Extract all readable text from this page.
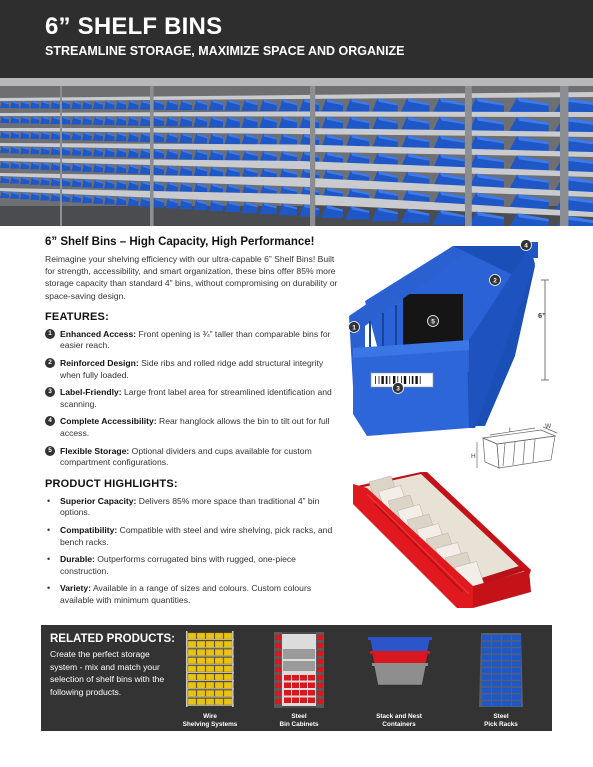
6” SHELF BINS
STREAMLINE STORAGE, MAXIMIZE SPACE AND ORGANIZE
6” Shelf Bins – High Capacity, High Performance!
Reimagine your shelving efficiency with our ultra-capable 6” Shelf Bins! Built for strength, accessibility, and smart organization, these bins offer 85% more storage capacity than standard 4” bins, without compromising on durability or space-saving design.
FEATURES:
1 Enhanced Access: Front opening is ¾” taller than comparable bins for easier reach.
2 Reinforced Design: Side ribs and rolled ridge add structural integrity when fully loaded.
3 Label-Friendly: Large front label area for streamlined identification and scanning.
4 Complete Accessibility: Rear hanglock allows the bin to tilt out for full access.
5 Flexible Storage: Optional dividers and cups available for custom compartment configurations.
PRODUCT HIGHLIGHTS:
• Superior Capacity: Delivers 85% more space than traditional 4” bin options.
• Compatibility: Compatible with steel and wire shelving, pick racks, and bench racks.
• Durable: Outperforms corrugated bins with rugged, one-piece construction.
• Variety: Available in a range of sizes and colours. Custom colours available with minimum quantities.
1
2
3
4
5
6”
H
L
W
RELATED PRODUCTS:
Create the perfect storage system - mix and match your selection of shelf bins with the following products.
Wire
Shelving Systems
Steel
Bin Cabinets
Stack and Nest
Containers
Steel
Pick Racks
